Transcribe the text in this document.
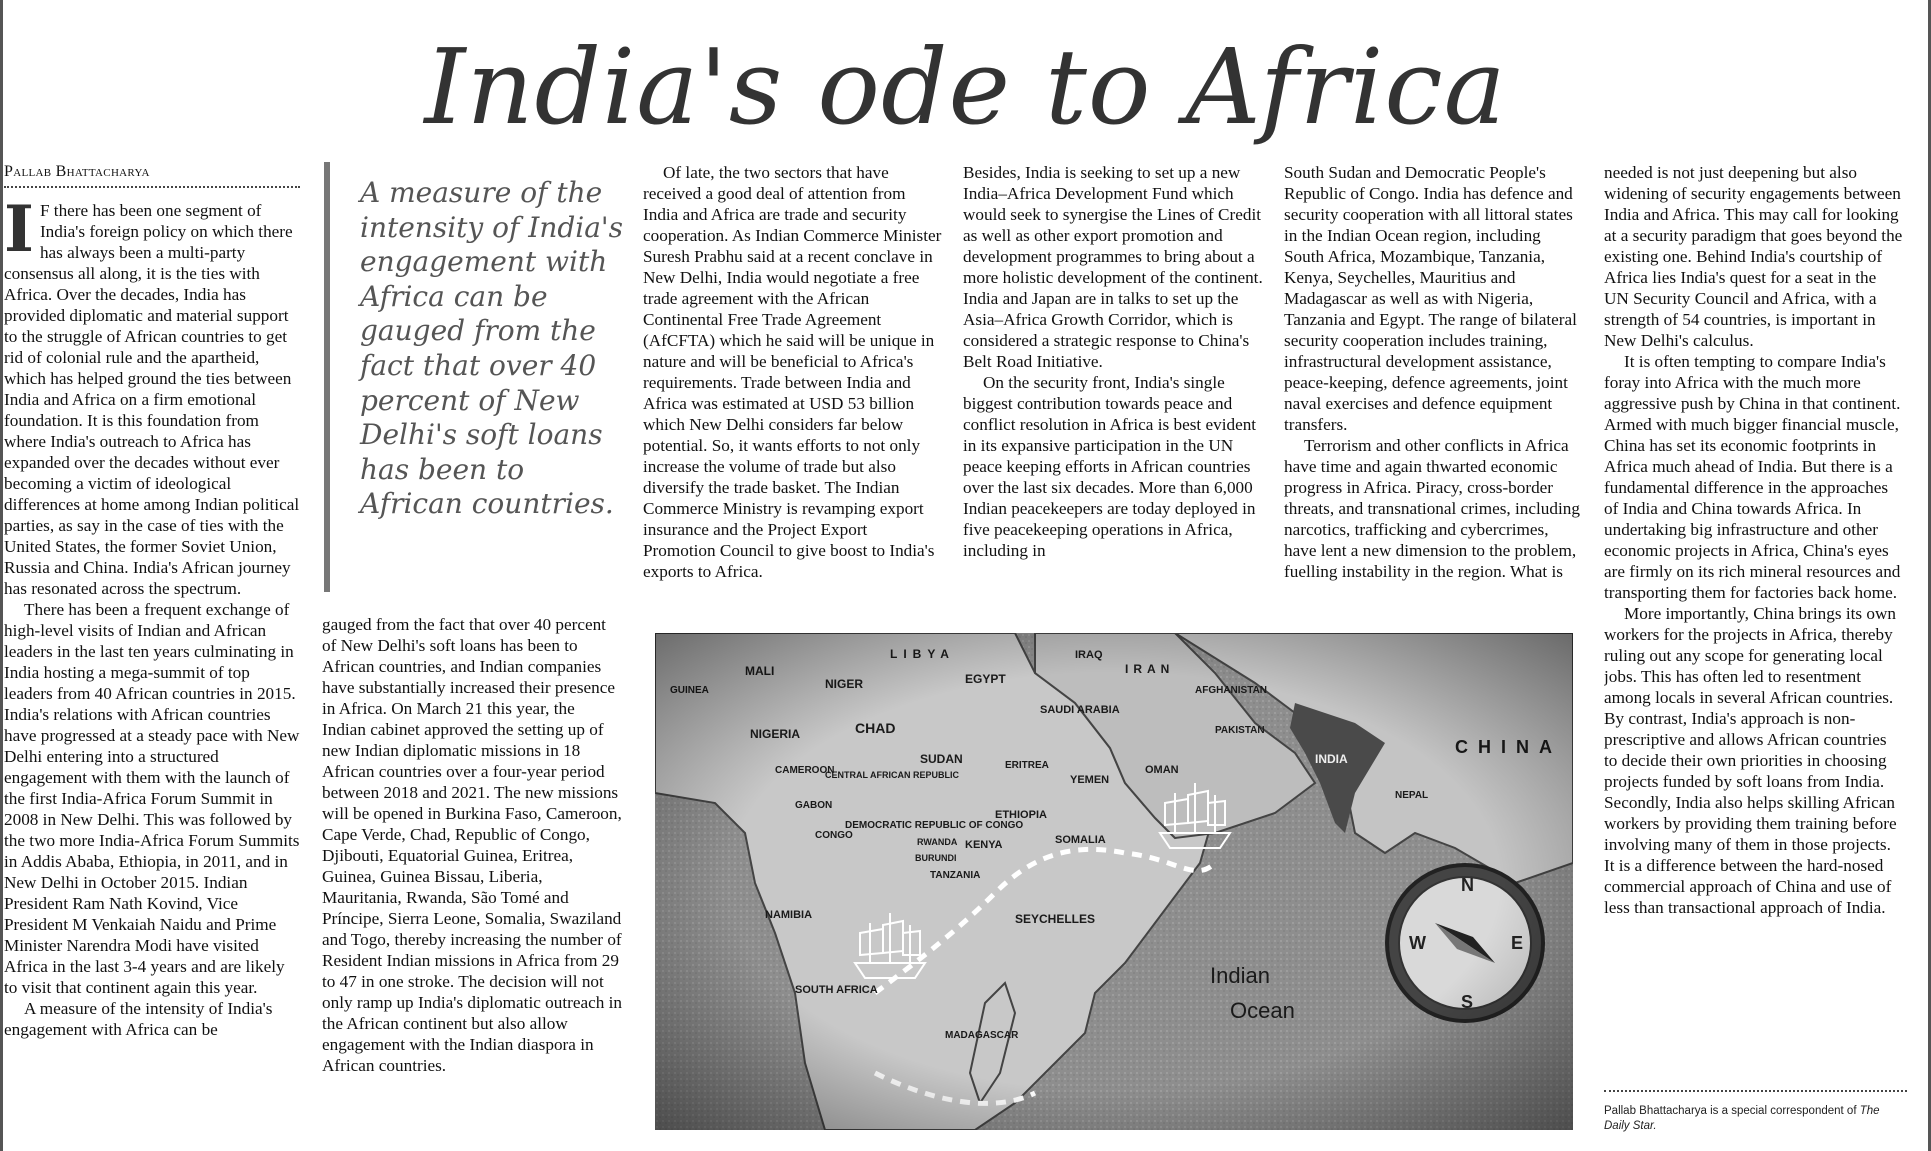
India's ode to Africa
Pallab Bhattacharya

I F there has been one segment of India's foreign policy on which there has always been a multi-party consensus all along, it is the ties with Africa. Over the decades, India has provided diplomatic and material support to the struggle of African countries to get rid of colonial rule and the apartheid, which has helped ground the ties between India and Africa on a firm emotional foundation. It is this foundation from where India's outreach to Africa has expanded over the decades without ever becoming a victim of ideological differences at home among Indian political parties, as say in the case of ties with the United States, the former Soviet Union, Russia and China. India's African journey has resonated across the spectrum.

There has been a frequent exchange of high-level visits of Indian and African leaders in the last ten years culminating in India hosting a mega-summit of top leaders from 40 African countries in 2015. India's relations with African countries have progressed at a steady pace with New Delhi entering into a structured engagement with them with the launch of the first India-Africa Forum Summit in 2008 in New Delhi. This was followed by the two more India-Africa Forum Summits in Addis Ababa, Ethiopia, in 2011, and in New Delhi in October 2015. Indian President Ram Nath Kovind, Vice President M Venkaiah Naidu and Prime Minister Narendra Modi have visited Africa in the last 3-4 years and are likely to visit that continent again this year.

A measure of the intensity of India's engagement with Africa can be

A measure of the intensity of India's engagement with Africa can be gauged from the fact that over 40 percent of New Delhi's soft loans has been to African countries.

gauged from the fact that over 40 percent of New Delhi's soft loans has been to African countries, and Indian companies have substantially increased their presence in Africa. On March 21 this year, the Indian cabinet approved the setting up of new Indian diplomatic missions in 18 African countries over a four-year period between 2018 and 2021. The new missions will be opened in Burkina Faso, Cameroon, Cape Verde, Chad, Republic of Congo, Djibouti, Equatorial Guinea, Eritrea, Guinea, Guinea Bissau, Liberia, Mauritania, Rwanda, São Tomé and Príncipe, Sierra Leone, Somalia, Swaziland and Togo, thereby increasing the number of Resident Indian missions in Africa from 29 to 47 in one stroke. The decision will not only ramp up India's diplomatic outreach in the African continent but also allow engagement with the Indian diaspora in African countries.

Of late, the two sectors that have received a good deal of attention from India and Africa are trade and security cooperation. As Indian Commerce Minister Suresh Prabhu said at a recent conclave in New Delhi, India would negotiate a free trade agreement with the African Continental Free Trade Agreement (AfCFTA) which he said will be unique in nature and will be beneficial to Africa's requirements. Trade between India and Africa was estimated at USD 53 billion which New Delhi considers far below potential. So, it wants efforts to not only increase the volume of trade but also diversify the trade basket. The Indian Commerce Ministry is revamping export insurance and the Project Export Promotion Council to give boost to India's exports to Africa.

Besides, India is seeking to set up a new India–Africa Development Fund which would seek to synergise the Lines of Credit as well as other export promotion and development programmes to bring about a more holistic development of the continent. India and Japan are in talks to set up the Asia–Africa Growth Corridor, which is considered a strategic response to China's Belt Road Initiative.

On the security front, India's single biggest contribution towards peace and conflict resolution in Africa is best evident in its expansive participation in the UN peace keeping efforts in African countries over the last six decades. More than 6,000 Indian peacekeepers are today deployed in five peacekeeping operations in Africa, including in

South Sudan and Democratic People's Republic of Congo. India has defence and security cooperation with all littoral states in the Indian Ocean region, including South Africa, Mozambique, Tanzania, Kenya, Seychelles, Mauritius and Madagascar as well as with Nigeria, Tanzania and Egypt. The range of bilateral security cooperation includes training, infrastructural development assistance, peace-keeping, defence agreements, joint naval exercises and defence equipment transfers.

Terrorism and other conflicts in Africa have time and again thwarted economic progress in Africa. Piracy, cross-border threats, and transnational crimes, including narcotics, trafficking and cybercrimes, have lent a new dimension to the problem, fuelling instability in the region. What is

needed is not just deepening but also widening of security engagements between India and Africa. This may call for looking at a security paradigm that goes beyond the existing one. Behind India's courtship of Africa lies India's quest for a seat in the UN Security Council and Africa, with a strength of 54 countries, is important in New Delhi's calculus.

It is often tempting to compare India's foray into Africa with the much more aggressive push by China in that continent. Armed with much bigger financial muscle, China has set its economic footprints in Africa much ahead of India. But there is a fundamental difference in the approaches of India and China towards Africa. In undertaking big infrastructure and other economic projects in Africa, China's eyes are firmly on its rich mineral resources and transporting them for factories back home.

More importantly, China brings its own workers for the projects in Africa, thereby ruling out any scope for generating local jobs. This has often led to resentment among locals in several African countries. By contrast, India's approach is non-prescriptive and allows African countries to decide their own priorities in choosing projects funded by soft loans from India. Secondly, India also helps skilling African workers by providing them training before involving many of them in those projects. It is a difference between the hard-nosed commercial approach of China and use of less than transactional approach of India.

Pallab Bhattacharya is a special correspondent of The Daily Star.
